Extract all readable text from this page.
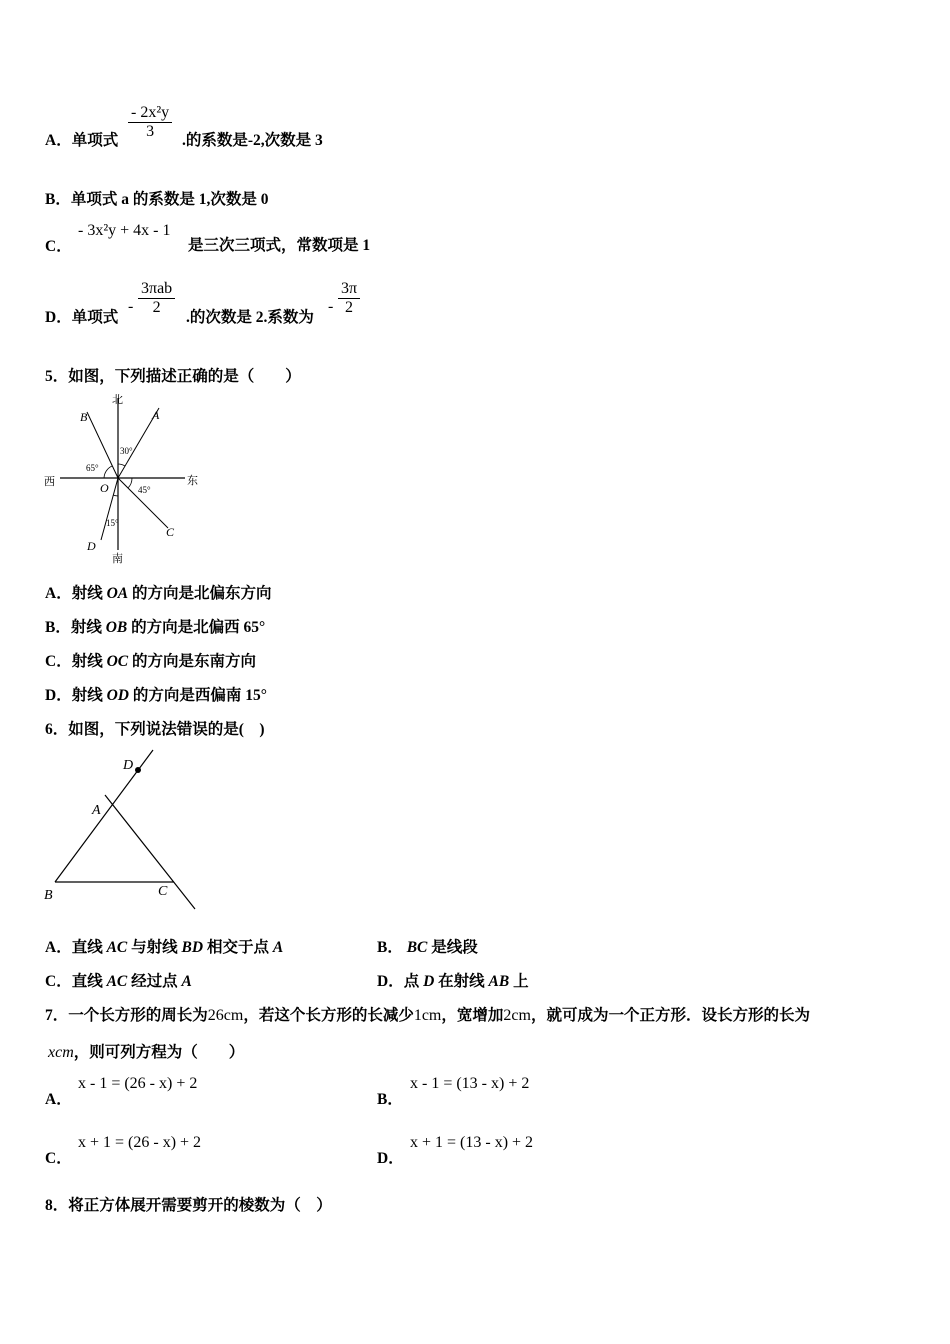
A．单项式 $\frac{\text{- 2x²y}}{3}$ .的系数是-2,次数是 3
B．单项式 a 的系数是 1,次数是 0
C．
- 3x²y + 4x - 1
是三次三项式，常数项是 1
D．单项式
-
3πab
2
.的次数是 2.系数为
- $\frac{3\pi}{2}$
5．如图，下列描述正确的是（　　）
北
南
西	东
A
B
C
D
O
30°
65°
45°
15°
A．射线 OA 的方向是北偏东方向
B．射线 OB 的方向是北偏西 65°
C．射线 OC 的方向是东南方向
D．射线 OD 的方向是西偏南 15°
6．如图，下列说法错误的是(　)
D
A
B	C
A．直线 AC 与射线 BD 相交于点 A	B． BC 是线段
C．直线 AC 经过点 A	D．点 D 在射线 AB 上
7．一个长方形的周长为26cm，若这个长方形的长减少1cm，宽增加2cm，就可成为一个正方形．设长方形的长为
xcm，则可列方程为（　　）
A．
x - 1 = (26 - x) + 2
B．
x - 1 = (13 - x) + 2
C．
x + 1 = (26 - x) + 2
D．
x + 1 = (13 - x) + 2
8．将正方体展开需要剪开的棱数为（　）
